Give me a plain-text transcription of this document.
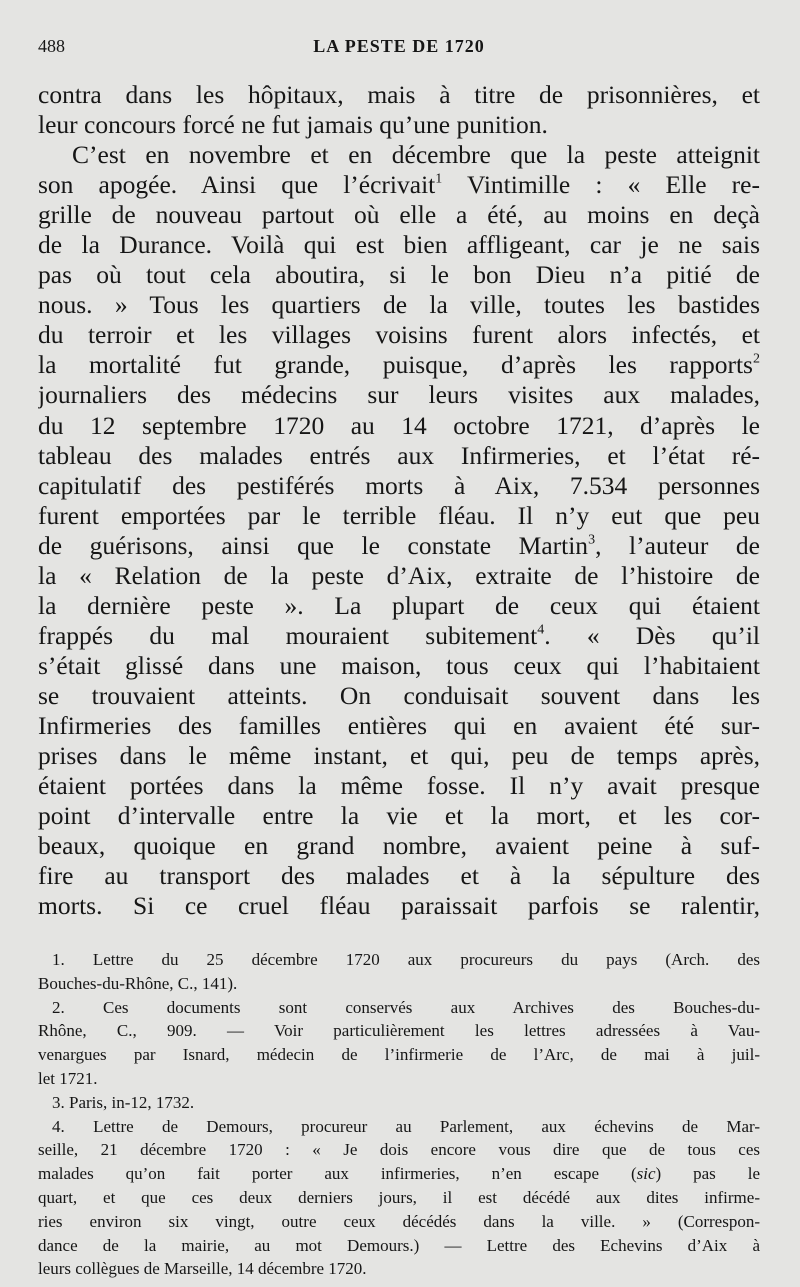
488	LA PESTE DE 1720
contra dans les hôpitaux, mais à titre de prisonnières, et
leur concours forcé ne fut jamais qu’une punition.
C’est en novembre et en décembre que la peste atteignit
son apogée. Ainsi que l’écrivait$^1$ Vintimille : « Elle re-
grille de nouveau partout où elle a été, au moins en deçà
de la Durance. Voilà qui est bien affligeant, car je ne sais
pas où tout cela aboutira, si le bon Dieu n’a pitié de
nous. » Tous les quartiers de la ville, toutes les bastides
du terroir et les villages voisins furent alors infectés, et
la mortalité fut grande, puisque, d’après les rapports$^2$
journaliers des médecins sur leurs visites aux malades,
du 12 septembre 1720 au 14 octobre 1721, d’après le
tableau des malades entrés aux Infirmeries, et l’état ré-
capitulatif des pestiférés morts à Aix, 7.534 personnes
furent emportées par le terrible fléau. Il n’y eut que peu
de guérisons, ainsi que le constate Martin$^3$, l’auteur de
la « Relation de la peste d’Aix, extraite de l’histoire de
la dernière peste ». La plupart de ceux qui étaient
frappés du mal mouraient subitement$^4$. « Dès qu’il
s’était glissé dans une maison, tous ceux qui l’habitaient
se trouvaient atteints. On conduisait souvent dans les
Infirmeries des familles entières qui en avaient été sur-
prises dans le même instant, et qui, peu de temps après,
étaient portées dans la même fosse. Il n’y avait presque
point d’intervalle entre la vie et la mort, et les cor-
beaux, quoique en grand nombre, avaient peine à suf-
fire au transport des malades et à la sépulture des
morts. Si ce cruel fléau paraissait parfois se ralentir,
1. Lettre du 25 décembre 1720 aux procureurs du pays (Arch. des
Bouches-du-Rhône, C., 141).
2. Ces documents sont conservés aux Archives des Bouches-du-
Rhône, C., 909. — Voir particulièrement les lettres adressées à Vau-
venargues par Isnard, médecin de l’infirmerie de l’Arc, de mai à juil-
let 1721.
3. Paris, in-12, 1732.
4. Lettre de Demours, procureur au Parlement, aux échevins de Mar-
seille, 21 décembre 1720 : « Je dois encore vous dire que de tous ces
malades qu’on fait porter aux infirmeries, n’en escape (sic) pas le
quart, et que ces deux derniers jours, il est décédé aux dites infirme-
ries environ six vingt, outre ceux décédés dans la ville. » (Correspon-
dance de la mairie, au mot Demours.) — Lettre des Echevins d’Aix à
leurs collègues de Marseille, 14 décembre 1720.
